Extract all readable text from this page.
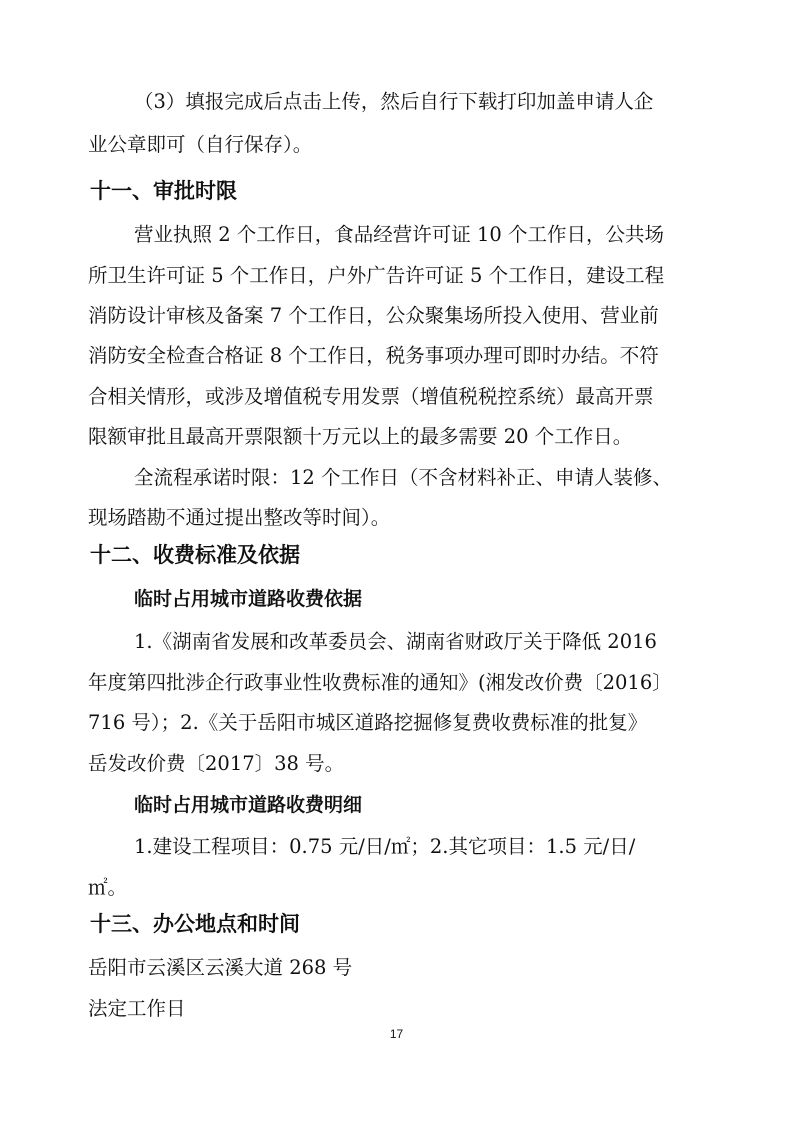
（3）填报完成后点击上传，然后自行下载打印加盖申请人企
业公章即可（自行保存）。
十一、审批时限
营业执照 2 个工作日，食品经营许可证 10 个工作日，公共场
所卫生许可证 5 个工作日，户外广告许可证 5 个工作日，建设工程
消防设计审核及备案 7 个工作日，公众聚集场所投入使用、营业前
消防安全检查合格证 8 个工作日，税务事项办理可即时办结。不符
合相关情形，或涉及增值税专用发票（增值税税控系统）最高开票
限额审批且最高开票限额十万元以上的最多需要 20 个工作日。
全流程承诺时限：12 个工作日（不含材料补正、申请人装修、
现场踏勘不通过提出整改等时间）。
十二、收费标准及依据
临时占用城市道路收费依据
1.《湖南省发展和改革委员会、湖南省财政厅关于降低 2016
年度第四批涉企行政事业性收费标准的通知》(湘发改价费〔2016〕
716 号）；2.《关于岳阳市城区道路挖掘修复费收费标准的批复》
岳发改价费〔2017〕38 号。
临时占用城市道路收费明细
1.建设工程项目：0.75 元/日/㎡；2.其它项目：1.5 元/日/
㎡。
十三、办公地点和时间
岳阳市云溪区云溪大道 268 号
法定工作日
17
